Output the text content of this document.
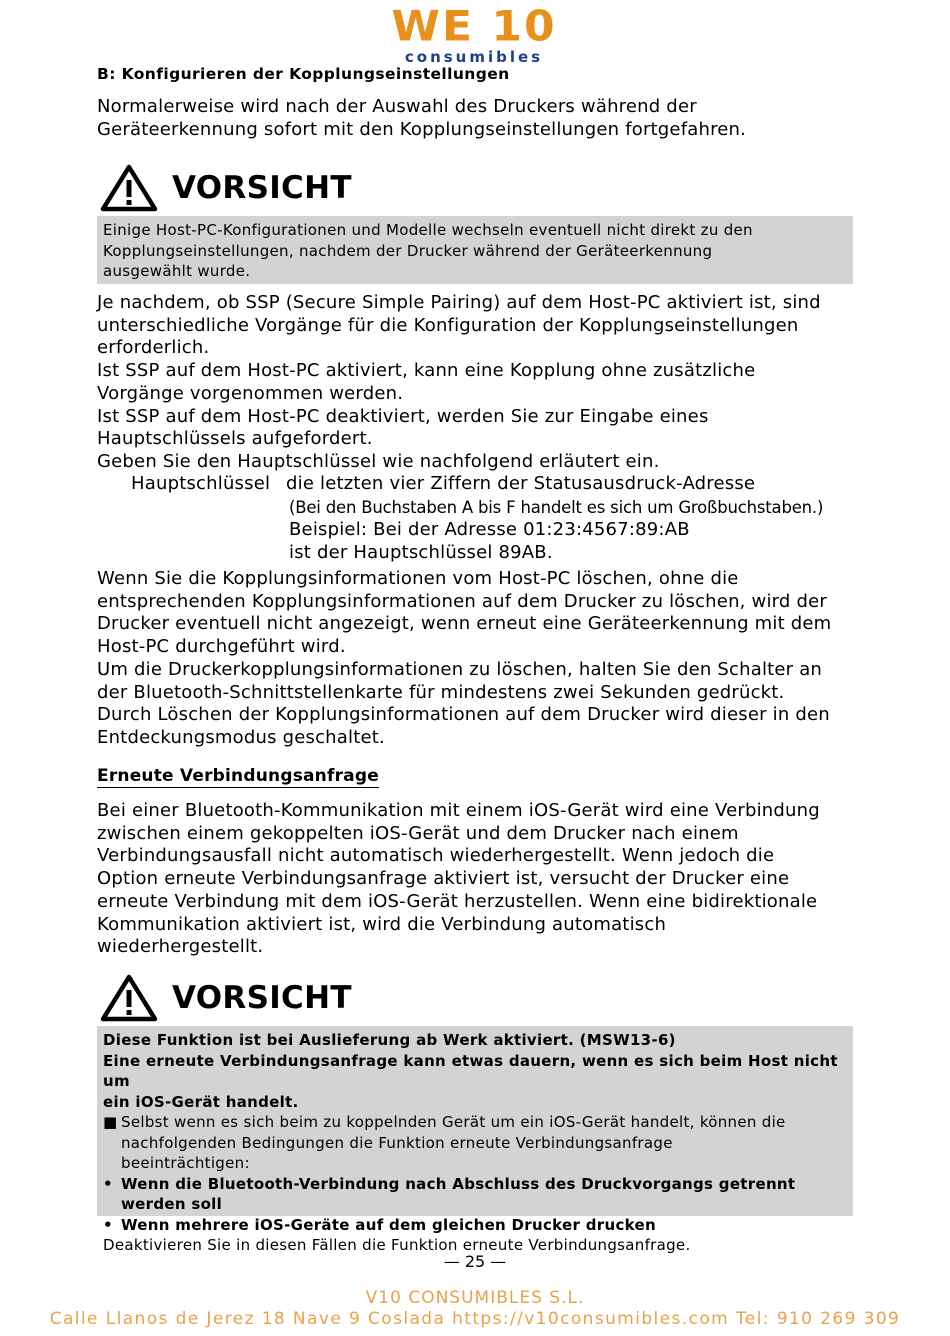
WE 10
consumibles
B: Konfigurieren der Kopplungseinstellungen
Normalerweise wird nach der Auswahl des Druckers während der
Geräteerkennung sofort mit den Kopplungseinstellungen fortgefahren.
VORSICHT

Einige Host-PC-Konfigurationen und Modelle wechseln eventuell nicht direkt zu den

Kopplungseinstellungen, nachdem der Drucker während der Geräteerkennung

ausgewählt wurde.

Je nachdem, ob SSP (Secure Simple Pairing) auf dem Host-PC aktiviert ist, sind
unterschiedliche Vorgänge für die Konfiguration der Kopplungseinstellungen
erforderlich.
Ist SSP auf dem Host-PC aktiviert, kann eine Kopplung ohne zusätzliche
Vorgänge vorgenommen werden.
Ist SSP auf dem Host-PC deaktiviert, werden Sie zur Eingabe eines
Hauptschlüssels aufgefordert.
Geben Sie den Hauptschlüssel wie nachfolgend erläutert ein.
Hauptschlüssel die letzten vier Ziffern der Statusausdruck-Adresse
(Bei den Buchstaben A bis F handelt es sich um Großbuchstaben.)
Beispiel: Bei der Adresse 01:23:4567:89:AB
ist der Hauptschlüssel 89AB.
Wenn Sie die Kopplungsinformationen vom Host-PC löschen, ohne die
entsprechenden Kopplungsinformationen auf dem Drucker zu löschen, wird der
Drucker eventuell nicht angezeigt, wenn erneut eine Geräteerkennung mit dem
Host-PC durchgeführt wird.
Um die Druckerkopplungsinformationen zu löschen, halten Sie den Schalter an
der Bluetooth-Schnittstellenkarte für mindestens zwei Sekunden gedrückt.
Durch Löschen der Kopplungsinformationen auf dem Drucker wird dieser in den
Entdeckungsmodus geschaltet.
Erneute Verbindungsanfrage
Bei einer Bluetooth-Kommunikation mit einem iOS-Gerät wird eine Verbindung
zwischen einem gekoppelten iOS-Gerät und dem Drucker nach einem
Verbindungsausfall nicht automatisch wiederhergestellt. Wenn jedoch die
Option erneute Verbindungsanfrage aktiviert ist, versucht der Drucker eine
erneute Verbindung mit dem iOS-Gerät herzustellen. Wenn eine bidirektionale
Kommunikation aktiviert ist, wird die Verbindung automatisch
wiederhergestellt.
VORSICHT

Diese Funktion ist bei Auslieferung ab Werk aktiviert. (MSW13-6)

Eine erneute Verbindungsanfrage kann etwas dauern, wenn es sich beim Host nicht um

ein iOS-Gerät handelt.

■ Selbst wenn es sich beim zu koppelnden Gerät um ein iOS-Gerät handelt, können die

nachfolgenden Bedingungen die Funktion erneute Verbindungsanfrage

beeinträchtigen:

• Wenn die Bluetooth-Verbindung nach Abschluss des Druckvorgangs getrennt werden soll

• Wenn mehrere iOS-Geräte auf dem gleichen Drucker drucken

Deaktivieren Sie in diesen Fällen die Funktion erneute Verbindungsanfrage.

— 25 —
V10 CONSUMIBLES S.L.
Calle Llanos de Jerez 18 Nave 9 Coslada https://v10consumibles.com Tel: 910 269 309
